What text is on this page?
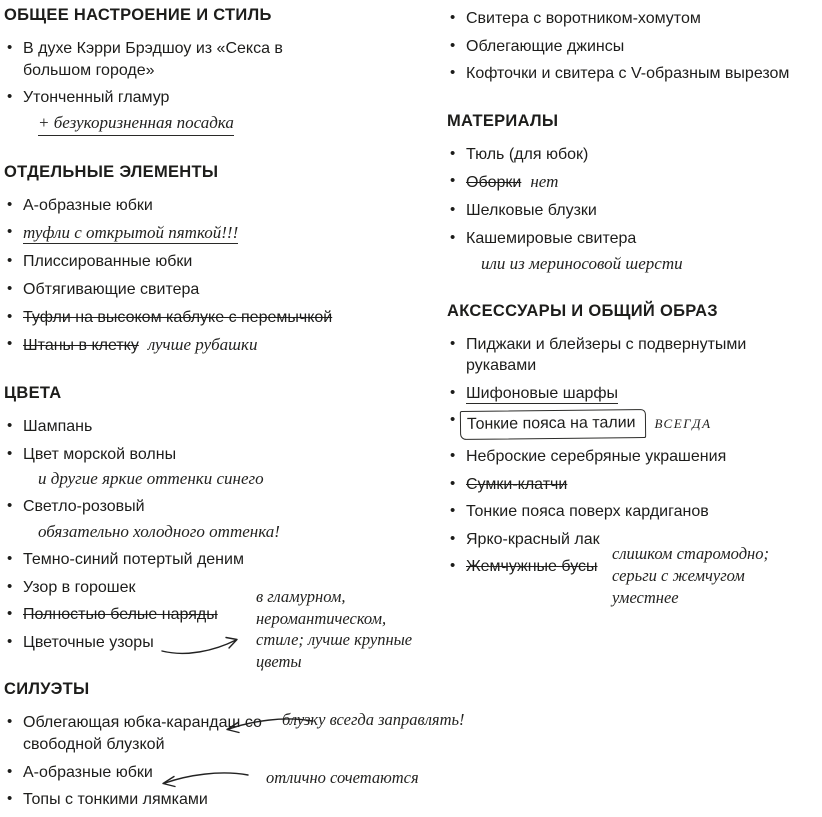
ОБЩЕЕ НАСТРОЕНИЕ И СТИЛЬ
• В духе Кэрри Брэдшоу из «Секса в большом городе»
• Утонченный гламур
+ безукоризненная посадка
ОТДЕЛЬНЫЕ ЭЛЕМЕНТЫ
• А-образные юбки
• туфли с открытой пяткой!!!
• Плиссированные юбки
• Обтягивающие свитера
• Туфли на высоком каблуке с перемычкой
• Штаны в клетку лучше рубашки
ЦВЕТА
• Шампань
• Цвет морской волны
и другие яркие оттенки синего
• Светло-розовый
обязательно холодного оттенка!
• Темно-синий потертый деним
• Узор в горошек
• Полностью белые наряды
• Цветочные узоры
в гламурном,
неромантическом,
стиле; лучше крупные
цветы
СИЛУЭТЫ
• Облегающая юбка-карандаш со свободной блузкой
блузку всегда заправлять!
• А-образные юбки	отлично сочетаются
• Топы с тонкими лямками
• Свитера с воротником-хомутом
• Облегающие джинсы
• Кофточки и свитера с V-образным вырезом
МАТЕРИАЛЫ
• Тюль (для юбок)
• Оборки нет
• Шелковые блузки
• Кашемировые свитера
или из мериносовой шерсти
АКСЕССУАРЫ И ОБЩИЙ ОБРАЗ
• Пиджаки и блейзеры с подвернутыми рукавами
• Шифоновые шарфы
• Тонкие пояса на талии ВСЕГДА
• Неброские серебряные украшения
• Сумки-клатчи
• Тонкие пояса поверх кардиганов
• Ярко-красный лак
• Жемчужные бусы
слишком старомодно;
серьги с жемчугом
уместнее
